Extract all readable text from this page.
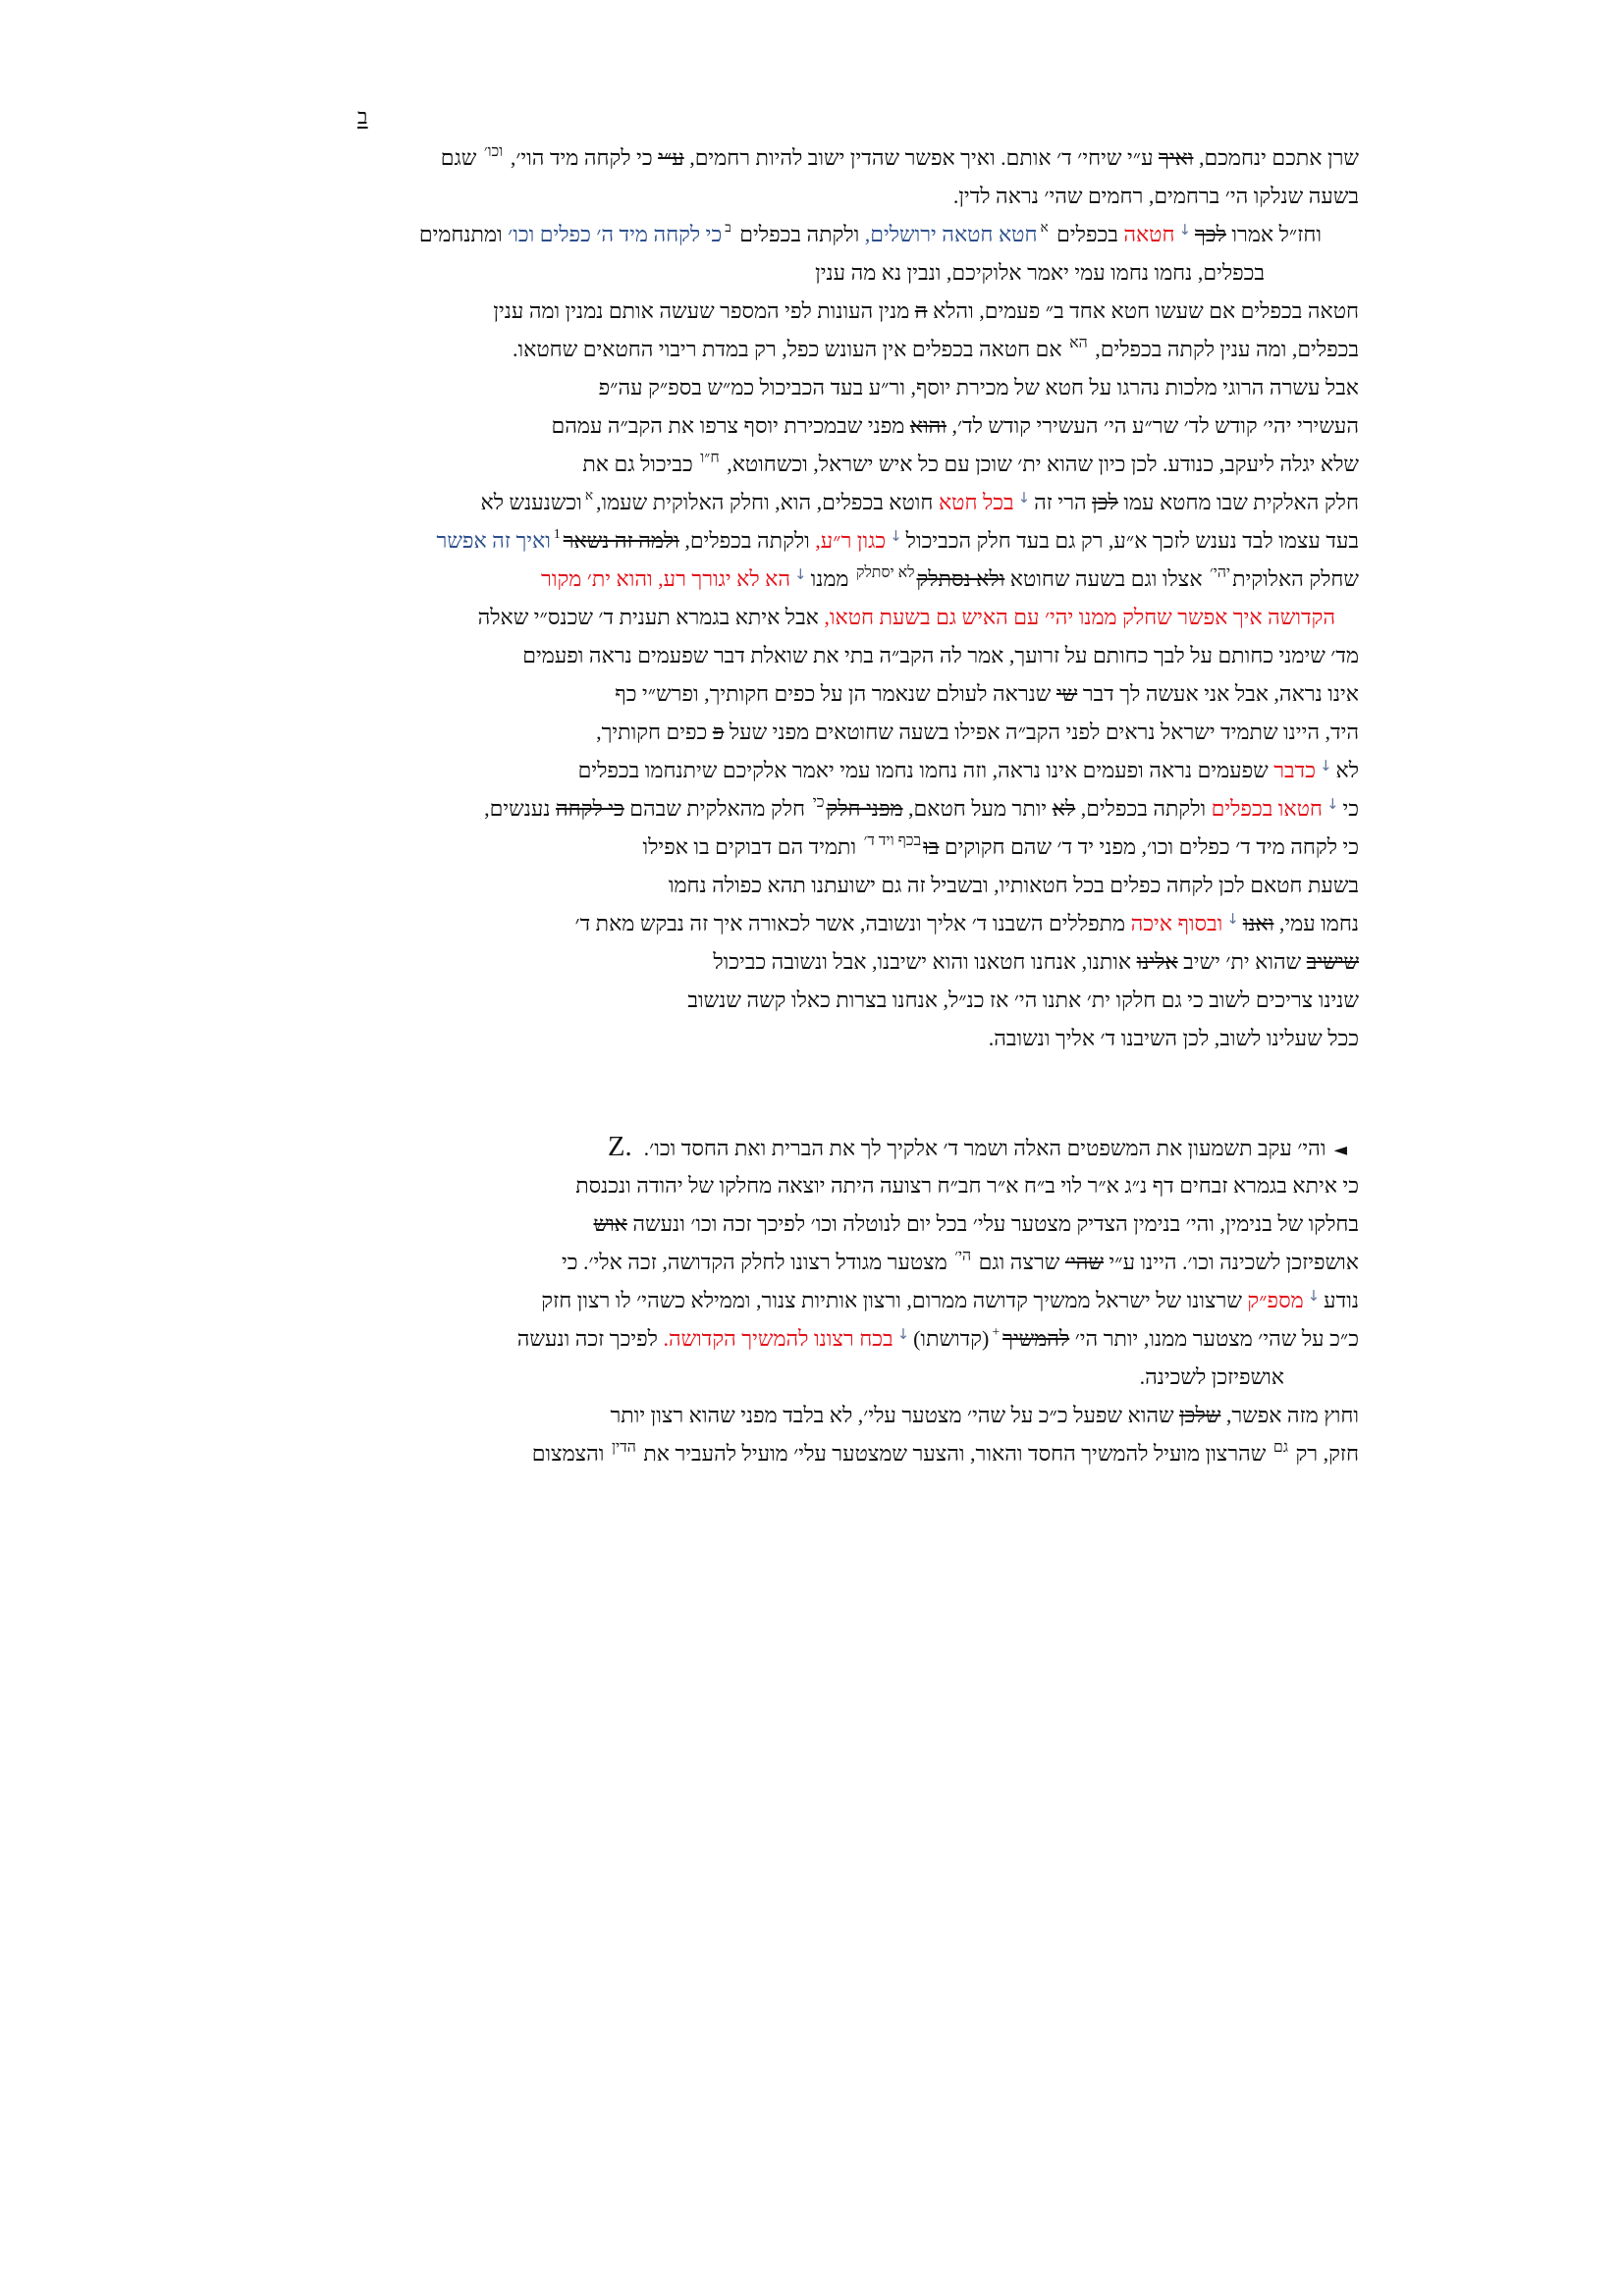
ב
שרן אתכם ינחמכם, ואיך ע״י שיחי׳ ד׳ אותם. ואיך אפשר שהדין ישוב להיות רחמים, ע״י כי לקחה מיד הוי׳, $^{וכו׳}$ שגם
בשעה שנלקו הי׳ ברחמים, רחמים שהי׳ נראה לדין.
וחז״ל אמרו לכך↓חטאה בכפלים $^א$חטא חטאה ירושלים, ולקתה בכפלים $^ב$כי לקחה מיד ה׳ כפלים וכו׳ ומתנחמים
בכפלים, נחמו נחמו עמי יאמר אלוקיכם, ונבין נא מה ענין
חטאה בכפלים אם שעשו חטא אחד ב״ פעמים, והלא ה מנין העונות לפי המספר שעשה אותם נמנין ומה ענין
בכפלים, ומה ענין לקתה בכפלים, $^{הא}$ אם חטאה בכפלים אין העונש כפל, רק במדת ריבוי החטאים שחטאו.
אבל עשרה הרוגי מלכות נהרגו על חטא של מכירת יוסף, ור״ע בעד הכביכול כמ״ש בספ״ק עה״פ
העשירי יהי׳ קודש לד׳ שר״ע הי׳ העשירי קודש לד׳, והוא מפני שבמכירת יוסף צרפו את הקב״ה עמהם
שלא יגלה ליעקב, כנודע. לכן כיון שהוא ית׳ שוכן עם כל איש ישראל, וכשחוטא, $^{ח״ו}$ כביכול גם את
חלק האלקית שבו מחטא עמו לכן הרי זה↓בכל חטא חוטא בכפלים, הוא, וחלק האלוקית שעמו,$^א$וכשנענש לא
בעד עצמו לבד נענש לזכך א״ע, רק גם בעד חלק הכביכול↓כגון ר״ע, ולקתה בכפלים, ולמה זה נשאר$^1$ואיך זה אפשר
שחלק האלוקית$^{יהי׳}$ אצלו וגם בשעה שחוטא ולא נסתלק$^{לא יסתלק}$ ממנו↓הא לא יגורך רע, והוא ית׳ מקור
הקדושה איך אפשר שחלק ממנו יהי׳ עם האיש גם בשעת חטאו, אבל איתא בגמרא תענית ד׳ שכנס״י שאלה
מד׳ שימני כחותם על לבך כחותם על זרועך, אמר לה הקב״ה בתי את שואלת דבר שפעמים נראה ופעמים
אינו נראה, אבל אני אעשה לך דבר שי שנראה לעולם שנאמר הן על כפים חקותיך, ופרש״י כף
היד, היינו שתמיד ישראל נראים לפני הקב״ה אפילו בשעה שחוטאים מפני שעל פ כפים חקותיך,
לא↓כדבר שפעמים נראה ופעמים אינו נראה, וזה נחמו נחמו עמי יאמר אלקיכם שיתנחמו בכפלים
כי↓חטאו בכפלים ולקתה בכפלים, לא יותר מעל חטאם, מפני חלק$^{כי}$ חלק מהאלקית שבהם כי לקחה נענשים,
כי לקחה מיד ד׳ כפלים וכו׳, מפני יד ד׳ שהם חקוקים בו$^{בכף ויד ד׳}$ ותמיד הם דבוקים בו אפילו
בשעת חטאם לכן לקחה כפלים בכל חטאותיו, ובשביל זה גם ישועתנו תהא כפולה נחמו
נחמו עמי, ואנו↓ובסוף איכה מתפללים השבנו ד׳ אליך ונשובה, אשר לכאורה איך זה נבקש מאת ד׳
שישיב שהוא ית׳ ישיב אלינו אותנו, אנחנו חטאנו והוא ישיבנו, אבל ונשובה כביכול
שנינו צריכים לשוב כי גם חלקו ית׳ אתנו הי׳ אז כנ״ל, אנחנו בצרות כאלו קשה שנשוב
ככל שעלינו לשוב, לכן השיבנו ד׳ אליך ונשובה.
◄והי׳ עקב תשמעון את המשפטים האלה ושמר ד׳ אלקיך לך את הברית ואת החסד וכו׳.Z.
כי איתא בגמרא זבחים דף נ״ג א״ר לוי ב״ח א״ר חב״ח רצועה היתה יוצאה מחלקו של יהודה ונכנסת
בחלקו של בנימין, והי׳ בנימין הצדיק מצטער עלי׳ בכל יום לנוטלה וכו׳ לפיכך זכה וכו׳ ונעשה אוש
אושפיזכן לשכינה וכו׳. היינו ע״י שהי׳ שרצה וגם $^{הי׳}$ מצטער מגודל רצונו לחלק הקדושה, זכה אלי׳. כי
נודע↓מספ״ק שרצונו של ישראל ממשיך קדושה ממרום, ורצון אותיות צנור, וממילא כשהי׳ לו רצון חזק
כ״כ על שהי׳ מצטער ממנו, יותר הי׳ להמשיך+(קדושתו)↓בכח רצונו להמשיך הקדושה. לפיכך זכה ונעשה
אושפיזכן לשכינה.
וחוץ מזה אפשר, שלכן שהוא שפעל כ״כ על שהי׳ מצטער עלי׳, לא בלבד מפני שהוא רצון יותר
חזק, רק $^{גם}$ שהרצון מועיל להמשיך החסד והאור, והצער שמצטער עלי׳ מועיל להעביר את $^{הדין}$ והצמצום
